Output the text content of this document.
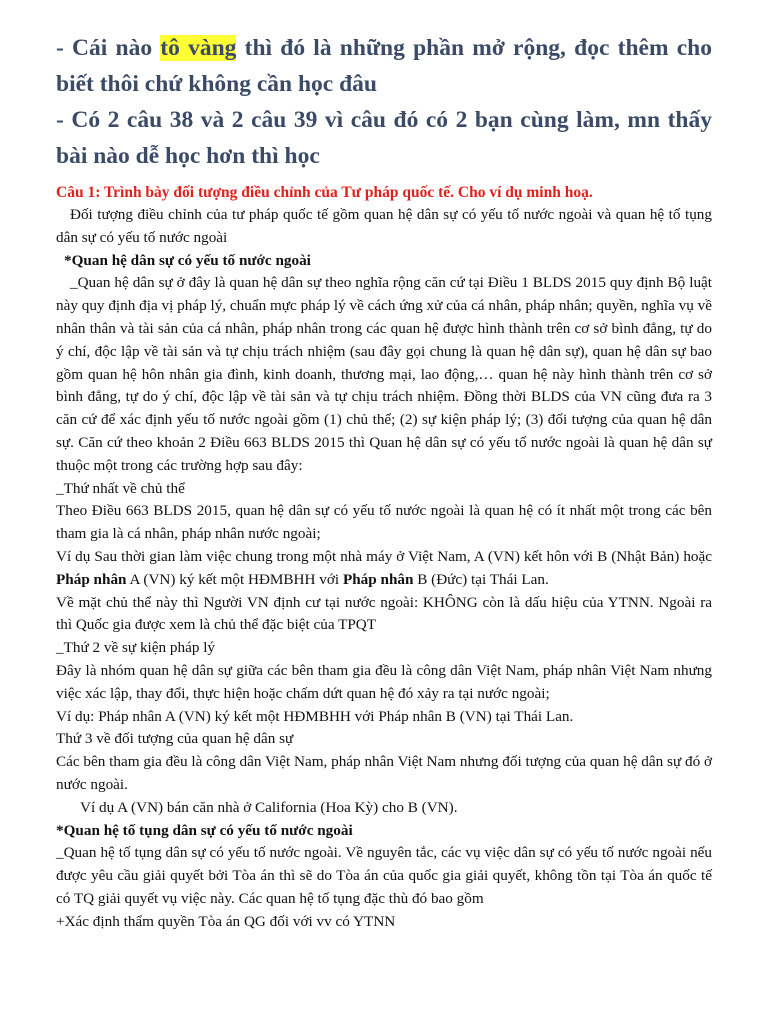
- Cái nào tô vàng thì đó là những phần mở rộng, đọc thêm cho biết thôi chứ không cần học đâu

- Có 2 câu 38 và 2 câu 39 vì câu đó có 2 bạn cùng làm, mn thấy bài nào dễ học hơn thì học

Câu 1: Trình bày đối tượng điều chỉnh của Tư pháp quốc tế. Cho ví dụ minh hoạ.

Đối tượng điều chỉnh của tư pháp quốc tế gồm quan hệ dân sự có yếu tố nước ngoài và quan hệ tố tụng dân sự có yếu tố nước ngoài

*Quan hệ dân sự có yếu tố nước ngoài

_Quan hệ dân sự ở đây là quan hệ dân sự theo nghĩa rộng căn cứ tại Điều 1 BLDS 2015 quy định Bộ luật này quy định địa vị pháp lý, chuẩn mực pháp lý về cách ứng xử của cá nhân, pháp nhân; quyền, nghĩa vụ về nhân thân và tài sản của cá nhân, pháp nhân trong các quan hệ được hình thành trên cơ sở bình đẳng, tự do ý chí, độc lập về tài sản và tự chịu trách nhiệm (sau đây gọi chung là quan hệ dân sự), quan hệ dân sự bao gồm quan hệ hôn nhân gia đình, kinh doanh, thương mại, lao động,… quan hệ này hình thành trên cơ sở bình đẳng, tự do ý chí, độc lập về tài sản và tự chịu trách nhiệm. Đồng thời BLDS của VN cũng đưa ra 3 căn cứ để xác định yếu tố nước ngoài gồm (1) chủ thể; (2) sự kiện pháp lý; (3) đối tượng của quan hệ dân sự. Căn cứ theo khoản 2 Điều 663 BLDS 2015 thì Quan hệ dân sự có yếu tố nước ngoài là quan hệ dân sự thuộc một trong các trường hợp sau đây:

_Thứ nhất về chủ thể

Theo Điều 663 BLDS 2015, quan hệ dân sự có yếu tố nước ngoài là quan hệ có ít nhất một trong các bên tham gia là cá nhân, pháp nhân nước ngoài;

Ví dụ Sau thời gian làm việc chung trong một nhà máy ở Việt Nam, A (VN) kết hôn với B (Nhật Bản) hoặc Pháp nhân A (VN) ký kết một HĐMBHH với Pháp nhân B (Đức) tại Thái Lan.

Về mặt chủ thể này thì Người VN định cư tại nước ngoài: KHÔNG còn là dấu hiệu của YTNN. Ngoài ra thì Quốc gia được xem là chủ thể đặc biệt của TPQT

_Thứ 2 về sự kiện pháp lý

Đây là nhóm quan hệ dân sự giữa các bên tham gia đều là công dân Việt Nam, pháp nhân Việt Nam nhưng việc xác lập, thay đổi, thực hiện hoặc chấm dứt quan hệ đó xảy ra tại nước ngoài;

Ví dụ: Pháp nhân A (VN) ký kết một HĐMBHH với Pháp nhân B (VN) tại Thái Lan.

Thứ 3 về đối tượng của quan hệ dân sự

Các bên tham gia đều là công dân Việt Nam, pháp nhân Việt Nam nhưng đối tượng của quan hệ dân sự đó ở nước ngoài.

Ví dụ A (VN) bán căn nhà ở California (Hoa Kỳ) cho B (VN).

*Quan hệ tố tụng dân sự có yếu tố nước ngoài

_Quan hệ tố tụng dân sự có yếu tố nước ngoài. Về nguyên tắc, các vụ việc dân sự có yếu tố nước ngoài nếu được yêu cầu giải quyết bởi Tòa án thì sẽ do Tòa án của quốc gia giải quyết, không tồn tại Tòa án quốc tế có TQ giải quyết vụ việc này. Các quan hệ tố tụng đặc thù đó bao gồm

+Xác định thẩm quyền Tòa án QG đối với vv có YTNN
